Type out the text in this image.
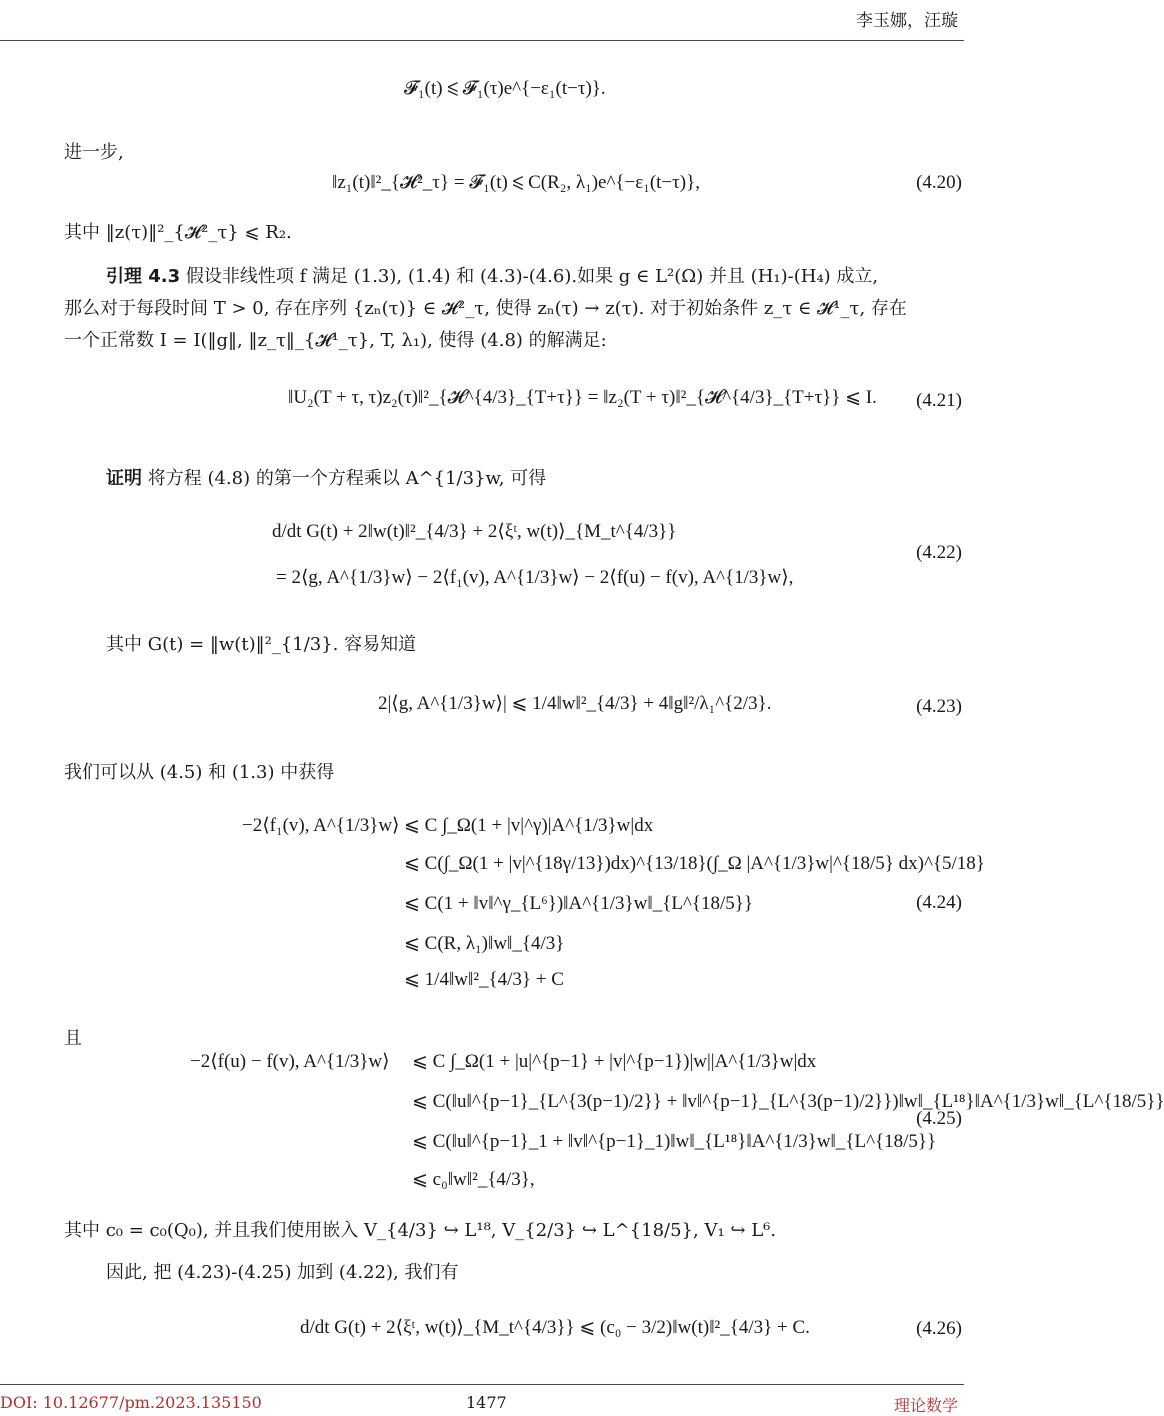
李玉娜，汪璇
𝓕₁(t) ⩽ 𝓕₁(τ)e^{−ε₁(t−τ)}.
进一步,
‖z₁(t)‖²_{𝓗²_τ} = 𝓕₁(t) ⩽ C(R₂, λ₁)e^{−ε₁(t−τ)},	(4.20)
其中 ‖z(τ)‖²_{𝓗²_τ} ⩽ R₂.
引理 4.3 假设非线性项 f 满足 (1.3), (1.4) 和 (4.3)-(4.6).如果 g ∈ L²(Ω) 并且 (H₁)-(H₄) 成立,
那么对于每段时间 T > 0, 存在序列 {zₙ(τ)} ∈ 𝓗²_τ, 使得 zₙ(τ) → z(τ). 对于初始条件 z_τ ∈ 𝓗¹_τ, 存在
一个正常数 I = I(‖g‖, ‖z_τ‖_{𝓗¹_τ}, T, λ₁), 使得 (4.8) 的解满足:
‖U₂(T + τ, τ)z₂(τ)‖²_{𝓗^{4/3}_{T+τ}} = ‖z₂(T + τ)‖²_{𝓗^{4/3}_{T+τ}} ⩽ I. (4.21)
证明 将方程 (4.8) 的第一个方程乘以 A^{1/3}w, 可得
d/dt G(t) + 2‖w(t)‖²_{4/3} + 2⟨ξᵗ, w(t)⟩_{M_t^{4/3}}
= 2⟨g, A^{1/3}w⟩ − 2⟨f₁(v), A^{1/3}w⟩ − 2⟨f(u) − f(v), A^{1/3}w⟩,
(4.22)
其中 G(t) = ‖w(t)‖²_{1/3}. 容易知道
2|⟨g, A^{1/3}w⟩| ⩽ 1/4‖w‖²_{4/3} + 4‖g‖²/λ₁^{2/3}.	(4.23)
我们可以从 (4.5) 和 (1.3) 中获得
−2⟨f₁(v), A^{1/3}w⟩ ⩽ C ∫_Ω(1 + |v|^γ)|A^{1/3}w|dx
⩽ C(∫_Ω(1 + |v|^{18γ/13})dx)^{13/18}(∫_Ω |A^{1/3}w|^{18/5} dx)^{5/18}
⩽ C(1 + ‖v‖^γ_{L⁶})‖A^{1/3}w‖_{L^{18/5}}
⩽ C(R, λ₁)‖w‖_{4/3}
⩽ 1/4‖w‖²_{4/3} + C
(4.24)
且
−2⟨f(u) − f(v), A^{1/3}w⟩ ⩽ C ∫_Ω(1 + |u|^{p−1} + |v|^{p−1})|w||A^{1/3}w|dx
⩽ C(‖u‖^{p−1}_{L^{3(p−1)/2}} + ‖v‖^{p−1}_{L^{3(p−1)/2}})‖w‖_{L¹⁸}‖A^{1/3}w‖_{L^{18/5}}
⩽ C(‖u‖^{p−1}_1 + ‖v‖^{p−1}_1)‖w‖_{L¹⁸}‖A^{1/3}w‖_{L^{18/5}}
⩽ c₀‖w‖²_{4/3},
(4.25)
其中 c₀ = c₀(Q₀), 并且我们使用嵌入 V_{4/3} ↪ L¹⁸, V_{2/3} ↪ L^{18/5}, V₁ ↪ L⁶.
因此, 把 (4.23)-(4.25) 加到 (4.22), 我们有
d/dt G(t) + 2⟨ξᵗ, w(t)⟩_{M_t^{4/3}} ⩽ (c₀ − 3/2)‖w(t)‖²_{4/3} + C.	(4.26)
DOI: 10.12677/pm.2023.135150	1477	理论数学
